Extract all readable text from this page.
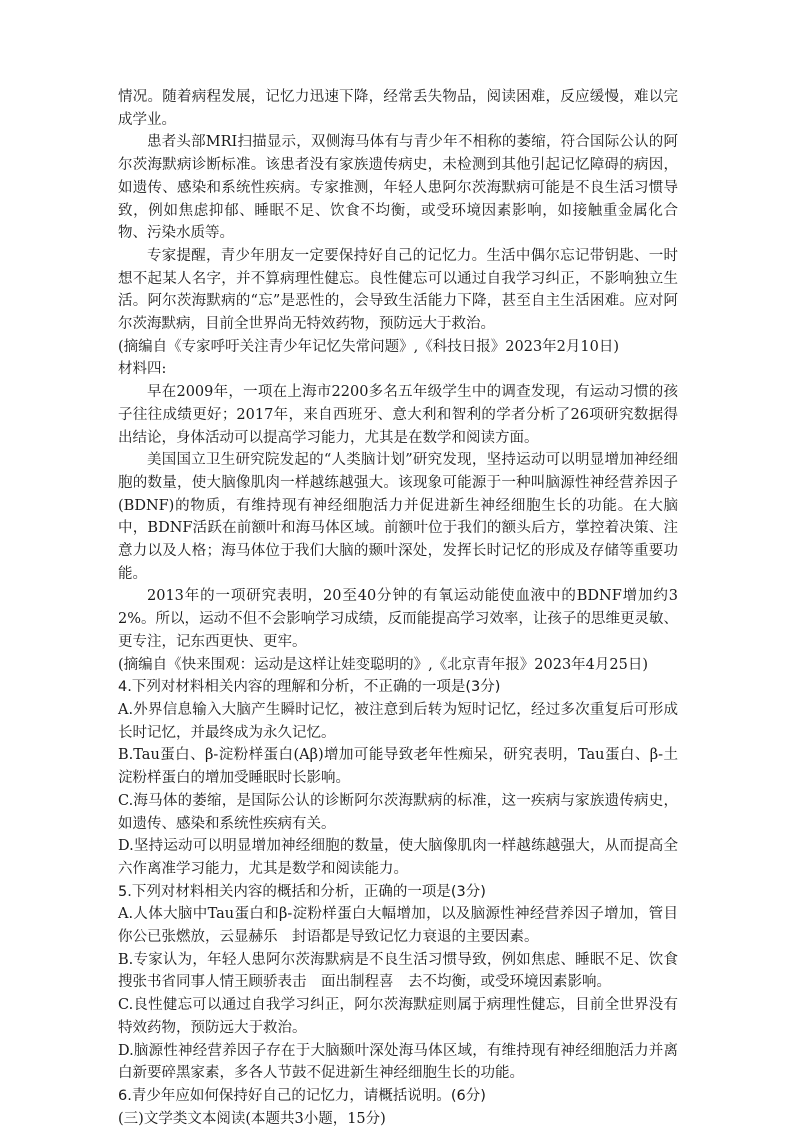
情况。随着病程发展，记忆力迅速下降，经常丢失物品，阅读困难，反应缓慢，难以完成学业。

患者头部MRI扫描显示，双侧海马体有与青少年不相称的萎缩，符合国际公认的阿尔茨海默病诊断标准。该患者没有家族遗传病史，未检测到其他引起记忆障碍的病因，如遗传、感染和系统性疾病。专家推测，年轻人患阿尔茨海默病可能是不良生活习惯导致，例如焦虑抑郁、睡眠不足、饮食不均衡，或受环境因素影响，如接触重金属化合物、污染水质等。

专家提醒，青少年朋友一定要保持好自己的记忆力。生活中偶尔忘记带钥匙、一时想不起某人名字，并不算病理性健忘。良性健忘可以通过自我学习纠正，不影响独立生活。阿尔茨海默病的“忘”是恶性的，会导致生活能力下降，甚至自主生活困难。应对阿尔茨海默病，目前全世界尚无特效药物，预防远大于救治。

(摘编自《专家呼吁关注青少年记忆失常问题》,《科技日报》2023年2月10日)

材料四:

早在2009年，一项在上海市2200多名五年级学生中的调查发现，有运动习惯的孩子往往成绩更好；2017年，来自西班牙、意大利和智利的学者分析了26项研究数据得出结论，身体活动可以提高学习能力，尤其是在数学和阅读方面。

美国国立卫生研究院发起的“人类脑计划”研究发现，坚持运动可以明显增加神经细胞的数量，使大脑像肌肉一样越练越强大。该现象可能源于一种叫脑源性神经营养因子(BDNF)的物质，有维持现有神经细胞活力并促进新生神经细胞生长的功能。在大脑中，BDNF活跃在前额叶和海马体区域。前额叶位于我们的额头后方，掌控着决策、注意力以及人格；海马体位于我们大脑的颞叶深处，发挥长时记忆的形成及存储等重要功能。

2013年的一项研究表明，20至40分钟的有氧运动能使血液中的BDNF增加约32%。所以，运动不但不会影响学习成绩，反而能提高学习效率，让孩子的思维更灵敏、更专注，记东西更快、更牢。

(摘编自《快来围观：运动是这样让娃变聪明的》,《北京青年报》2023年4月25日)

4.下列对材料相关内容的理解和分析，不正确的一项是(3分)

A.外界信息输入大脑产生瞬时记忆，被注意到后转为短时记忆，经过多次重复后可形成长时记忆，并最终成为永久记忆。

B.Tau蛋白、β-淀粉样蛋白(Aβ)增加可能导致老年性痴呆，研究表明，Tau蛋白、β-土淀粉样蛋白的增加受睡眠时长影响。

C.海马体的萎缩，是国际公认的诊断阿尔茨海默病的标准，这一疾病与家族遗传病史，如遗传、感染和系统性疾病有关。

D.坚持运动可以明显增加神经细胞的数量，使大脑像肌肉一样越练越强大，从而提高全六作离准学习能力，尤其是数学和阅读能力。

5.下列对材料相关内容的概括和分析，正确的一项是(3分)

A.人体大脑中Tau蛋白和β-淀粉样蛋白大幅增加，以及脑源性神经营养因子增加，管目你公已张燃放，云显赫乐　封语都是导致记忆力衰退的主要因素。

B.专家认为，年轻人患阿尔茨海默病是不良生活习惯导致，例如焦虑、睡眠不足、饮食搜张书省同事人情王顾骄表击　面出制程喜　去不均衡，或受环境因素影响。

C.良性健忘可以通过自我学习纠正，阿尔茨海默症则属于病理性健忘，目前全世界没有特效药物，预防远大于救治。

D.脑源性神经营养因子存在于大脑颞叶深处海马体区域，有维持现有神经细胞活力并离白新要碎黑家素，多各人节鼓不促进新生神经细胞生长的功能。

6.青少年应如何保持好自己的记忆力，请概括说明。(6分)

(三)文学类文本阅读(本题共3小题，15分)
